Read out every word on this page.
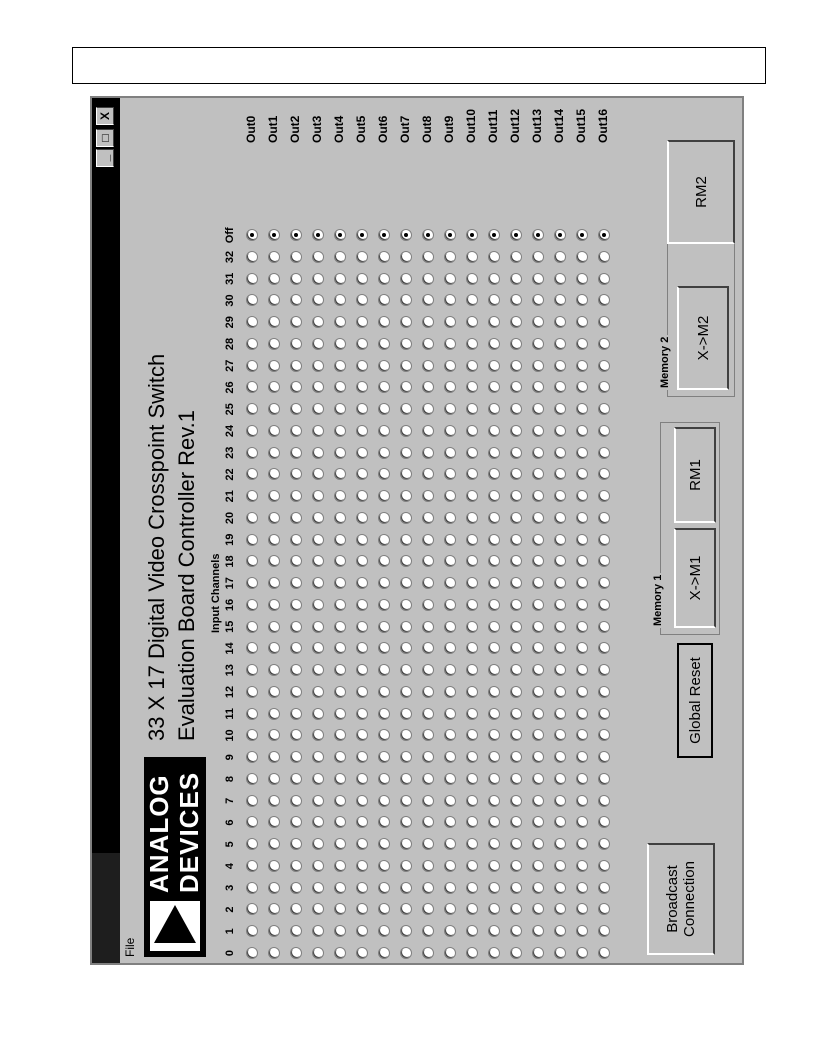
_
□
X
File
ANALOG DEVICES
33 X 17 Digital Video Crosspoint Switch Evaluation Board Controller Rev.1 Input Channels
0
1
2
3
4
5
6
7
8
9
10
11
12
13
14
15
16
17
18
19
20
21
22
23
24
25
26
27
28
29
30
31
32
Off
Out0 Out1 Out2 Out3 Out4 Out5 Out6 Out7 Out8 Out9 Out10 Out11 Out12 Out13 Out14 Out15 Out16
Broadcast Connection
Global Reset
Memory 1	X->M1
RM1
Memory 2	X->M2
RM2
